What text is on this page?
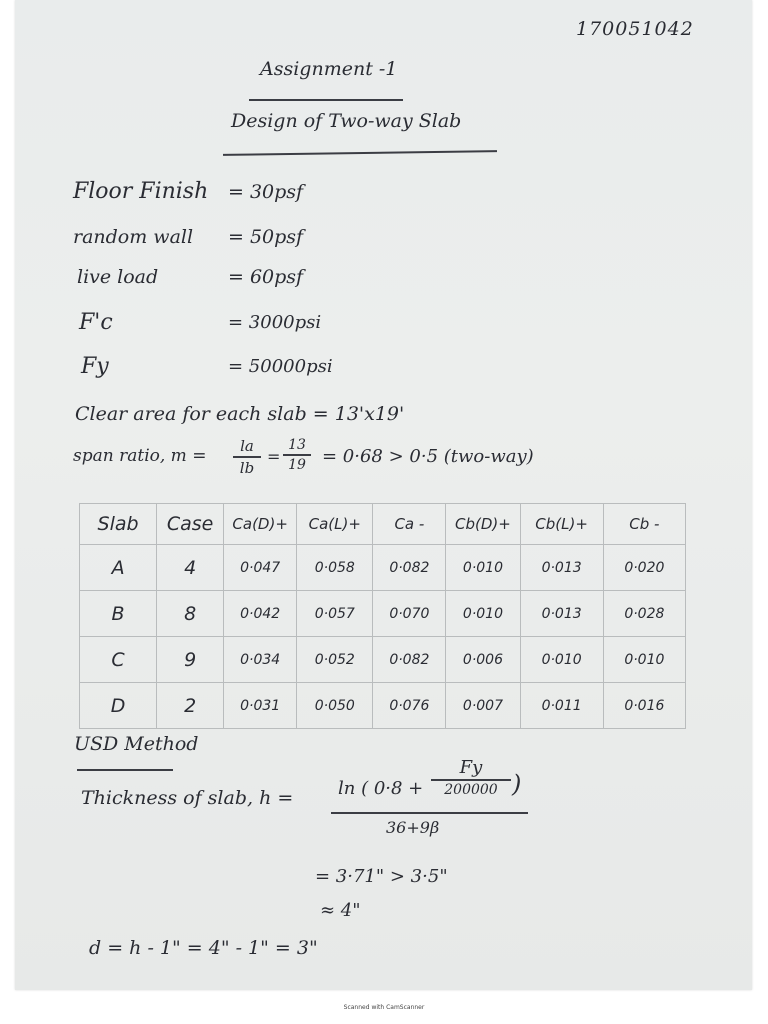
170051042
Assignment -1
Design of Two-way Slab
Floor Finish = 30psf
random wall = 50psf
live load	= 60psf
F'c	= 3000psi
Fy	= 50000psi
Clear area for each slab = 13'x19'
span ratio, m =	la
lb
=
13
19 = 0·68 > 0·5 (two-way)
Slab	Case	Ca(D)+	Ca(L)+	Ca -	Cb(D)+	Cb(L)+	Cb -
A	4	0·047	0·058	0·082	0·010	0·013	0·020
B	8	0·042	0·057	0·070	0·010	0·013	0·028
C	9	0·034	0·052	0·082	0·006	0·010	0·010
D	2	0·031	0·050	0·076	0·007	0·011	0·016
USD Method
Thickness of slab, h = ln ( 0·8 +
Fy
200000 )
36+9β
= 3·71" > 3·5"
≈ 4"
d = h - 1" = 4" - 1" = 3"
Scanned with CamScanner
